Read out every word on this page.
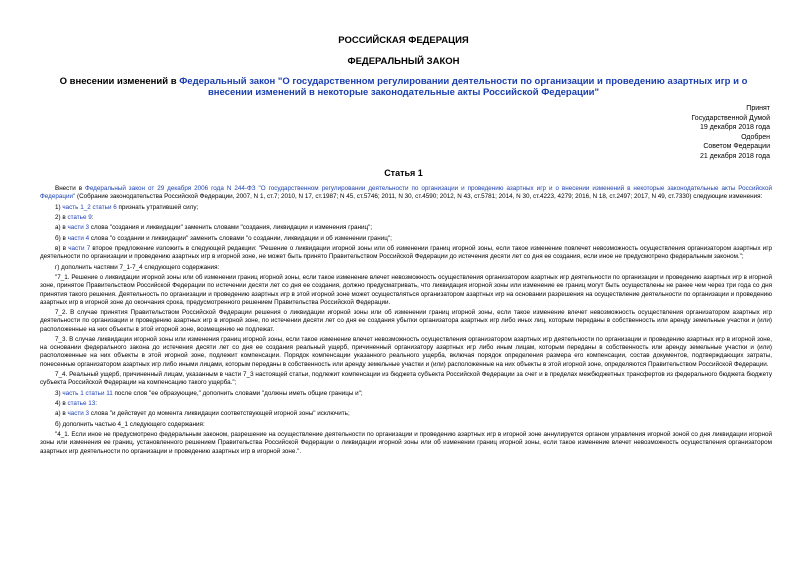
РОССИЙСКАЯ ФЕДЕРАЦИЯ
ФЕДЕРАЛЬНЫЙ ЗАКОН
О внесении изменений в Федеральный закон "О государственном регулировании деятельности по организации и проведению азартных игр и о внесении изменений в некоторые законодательные акты Российской Федерации"
Принят
Государственной Думой
19 декабря 2018 года
Одобрен
Советом Федерации
21 декабря 2018 года
Статья 1

Внести в Федеральный закон от 29 декабря 2006 года N 244-ФЗ "О государственном регулировании деятельности по организации и проведению азартных игр и о внесении изменений в некоторые законодательные акты Российской Федерации" (Собрание законодательства Российской Федерации, 2007, N 1, ст.7; 2010, N 17, ст.1987; N 45, ст.5746; 2011, N 30, ст.4590; 2012, N 43, ст.5781; 2014, N 30, ст.4223, 4279; 2016, N 18, ст.2497; 2017, N 49, ст.7330) следующие изменения:

1) часть 1_2 статьи 6 признать утратившей силу;

2) в статье 9:

а) в части 3 слова "создания и ликвидации" заменить словами "создания, ликвидации и изменения границ";

б) в части 4 слова "о создании и ликвидации" заменить словами "о создании, ликвидации и об изменении границ";

в) в части 7 второе предложение изложить в следующей редакции: "Решение о ликвидации игорной зоны или об изменении границ игорной зоны, если такое изменение повлечет невозможность осуществления организатором азартных игр деятельности по организации и проведению азартных игр в игорной зоне, не может быть принято Правительством Российской Федерации до истечения десяти лет со дня ее создания, если иное не предусмотрено федеральным законом.";

г) дополнить частями 7_1-7_4 следующего содержания:

"7_1. Решение о ликвидации игорной зоны или об изменении границ игорной зоны, если такое изменение влечет невозможность осуществления организатором азартных игр деятельности по организации и проведению азартных игр в игорной зоне, принятое Правительством Российской Федерации по истечении десяти лет со дня ее создания, должно предусматривать, что ликвидация игорной зоны или изменение ее границ могут быть осуществлены не ранее чем через три года со дня принятия такого решения. Деятельность по организации и проведению азартных игр в этой игорной зоне может осуществляться организатором азартных игр на основании разрешения на осуществление деятельности по организации и проведению азартных игр в игорной зоне до окончания срока, предусмотренного решением Правительства Российской Федерации.

7_2. В случае принятия Правительством Российской Федерации решения о ликвидации игорной зоны или об изменении границ игорной зоны, если такое изменение влечет невозможность осуществления организатором азартных игр деятельности по организации и проведению азартных игр в игорной зоне, по истечении десяти лет со дня ее создания убытки организатора азартных игр либо иных лиц, которым переданы в собственность или аренду земельные участки и (или) расположенные на них объекты в этой игорной зоне, возмещению не подлежат.

7_3. В случае ликвидации игорной зоны или изменения границ игорной зоны, если такое изменение влечет невозможность осуществления организатором азартных игр деятельности по организации и проведению азартных игр в игорной зоне, на основании федерального закона до истечения десяти лет со дня ее создания реальный ущерб, причиненный организатору азартных игр либо иным лицам, которым переданы в собственность или аренду земельные участки и (или) расположенные на них объекты в этой игорной зоне, подлежит компенсации. Порядок компенсации указанного реального ущерба, включая порядок определения размера его компенсации, состав документов, подтверждающих затраты, понесенные организатором азартных игр либо иными лицами, которым переданы в собственность или аренду земельные участки и (или) расположенные на них объекты в этой игорной зоне, определяются Правительством Российской Федерации.

7_4. Реальный ущерб, причиненный лицам, указанным в части 7_3 настоящей статьи, подлежит компенсации из бюджета субъекта Российской Федерации за счет и в пределах межбюджетных трансфертов из федерального бюджета бюджету субъекта Российской Федерации на компенсацию такого ущерба.";

3) часть 1 статьи 11 после слов "ее образующие," дополнить словами "должны иметь общие границы и";

4) в статье 13:

а) в части 3 слова "и действует до момента ликвидации соответствующей игорной зоны" исключить;

б) дополнить частью 4_1 следующего содержания:

"4_1. Если иное не предусмотрено федеральным законом, разрешение на осуществление деятельности по организации и проведению азартных игр в игорной зоне аннулируется органом управления игорной зоной со дня ликвидации игорной зоны или изменения ее границ, установленного решением Правительства Российской Федерации о ликвидации игорной зоны или об изменении границ игорной зоны, если такое изменение влечет невозможность осуществления организатором азартных игр деятельности по организации и проведению азартных игр в игорной зоне.".
